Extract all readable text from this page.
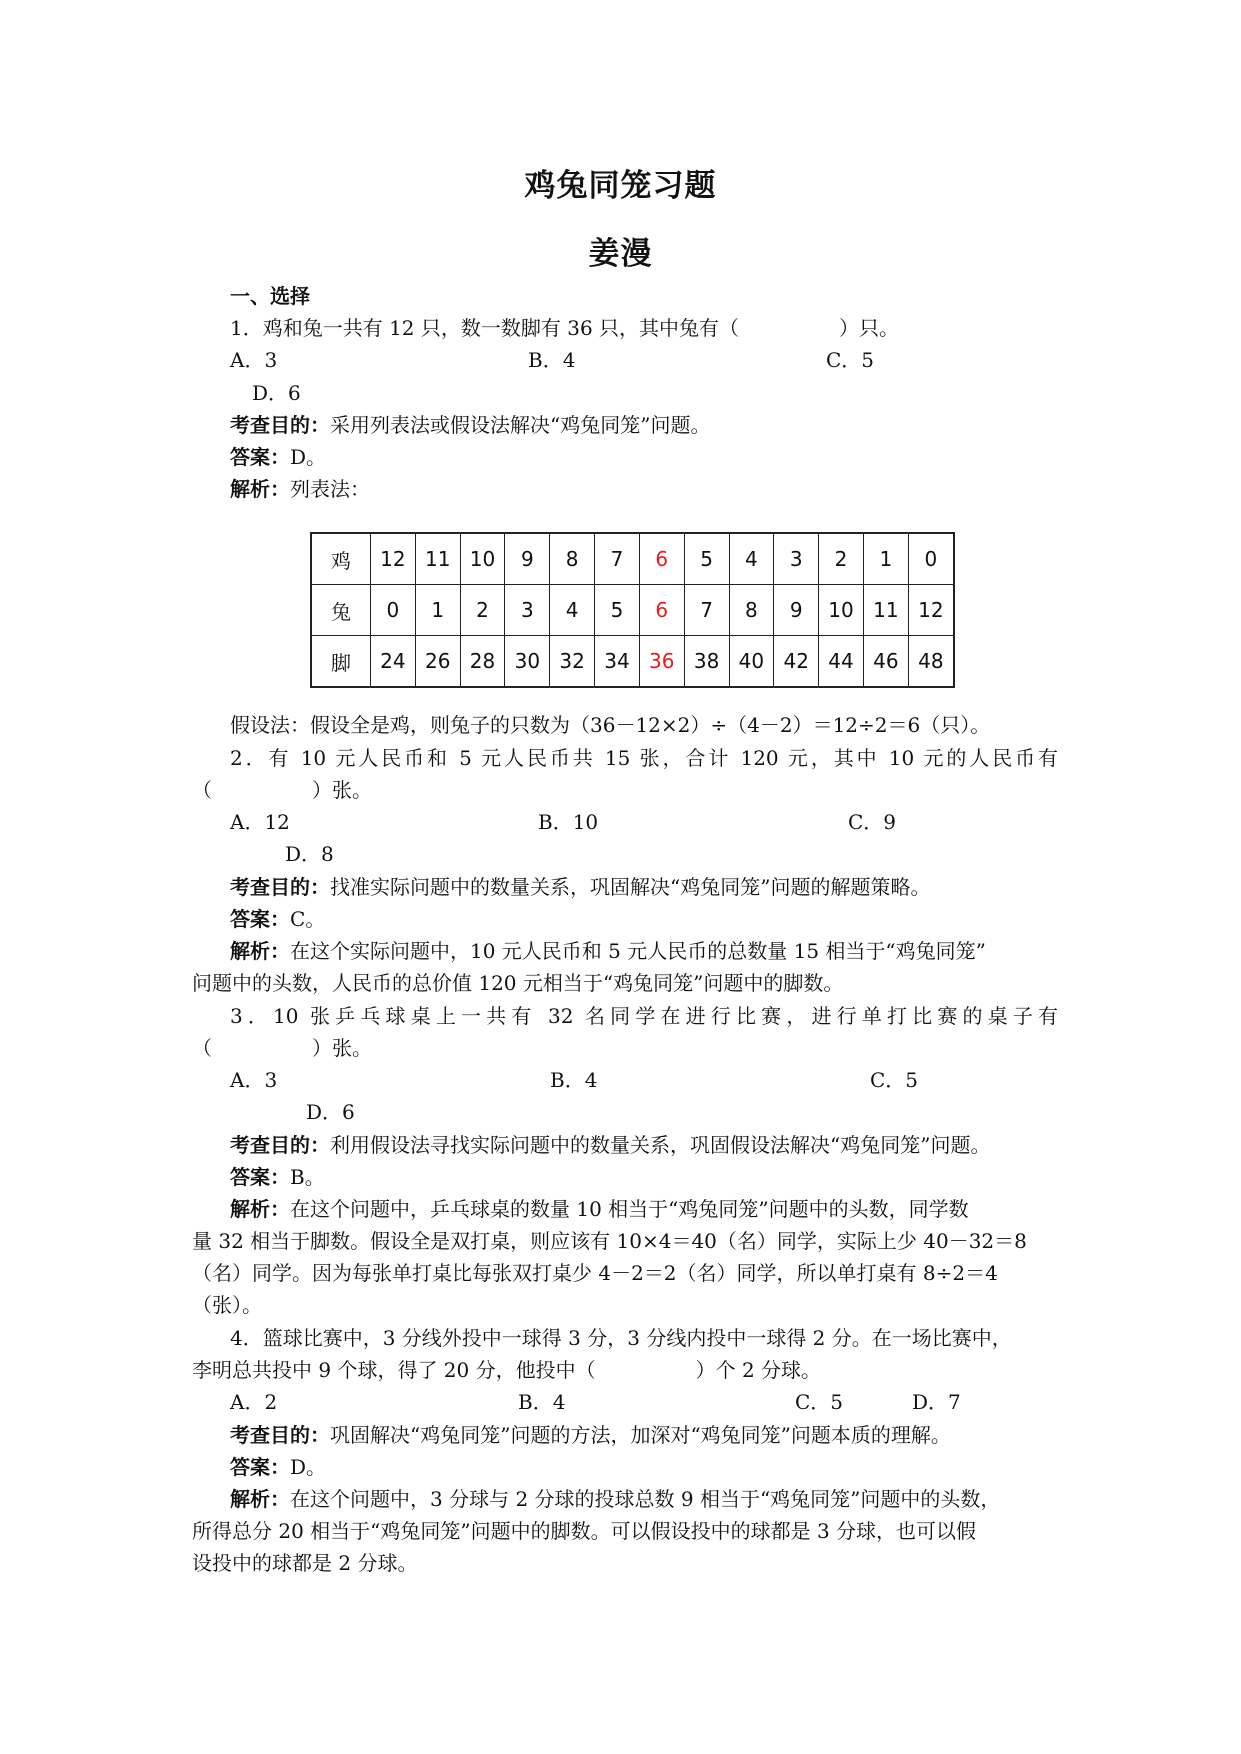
鸡兔同笼习题
姜漫
一、选择
1．鸡和兔一共有 12 只，数一数脚有 36 只，其中兔有（　　　　　）只。
A．3	B．4	C．5
D．6
考查目的：采用列表法或假设法解决“鸡兔同笼”问题。
答案：D。
解析：列表法：
鸡	12	11	10	9	8	7	6	5	4	3	2	1	0
兔	0	1	2	3	4	5	6	7	8	9	10	11	12
脚	24	26	28	30	32	34	36	38	40	42	44	46	48
假设法：假设全是鸡，则兔子的只数为（36－12×2）÷（4－2）＝12÷2＝6（只）。
2．有 10 元人民币和 5 元人民币共 15 张，合计 120 元，其中 10 元的人民币有
（　　　　　）张。
A．12	B．10	C．9
D．8
考查目的：找准实际问题中的数量关系，巩固解决“鸡兔同笼”问题的解题策略。
答案：C。
解析：在这个实际问题中，10 元人民币和 5 元人民币的总数量 15 相当于“鸡兔同笼”
问题中的头数，人民币的总价值 120 元相当于“鸡兔同笼”问题中的脚数。
3．10 张乒乓球桌上一共有 32 名同学在进行比赛，进行单打比赛的桌子有
（　　　　　）张。
A．3	B．4	C．5
D．6
考查目的：利用假设法寻找实际问题中的数量关系，巩固假设法解决“鸡兔同笼”问题。
答案：B。
解析：在这个问题中，乒乓球桌的数量 10 相当于“鸡兔同笼”问题中的头数，同学数
量 32 相当于脚数。假设全是双打桌，则应该有 10×4＝40（名）同学，实际上少 40－32＝8
（名）同学。因为每张单打桌比每张双打桌少 4－2＝2（名）同学，所以单打桌有 8÷2＝4
（张）。
4．篮球比赛中，3 分线外投中一球得 3 分，3 分线内投中一球得 2 分。在一场比赛中，
李明总共投中 9 个球，得了 20 分，他投中（　　　　　）个 2 分球。
A．2	B．4	C．5	D．7
考查目的：巩固解决“鸡兔同笼”问题的方法，加深对“鸡兔同笼”问题本质的理解。
答案：D。
解析：在这个问题中，3 分球与 2 分球的投球总数 9 相当于“鸡兔同笼”问题中的头数，
所得总分 20 相当于“鸡兔同笼”问题中的脚数。可以假设投中的球都是 3 分球，也可以假
设投中的球都是 2 分球。
